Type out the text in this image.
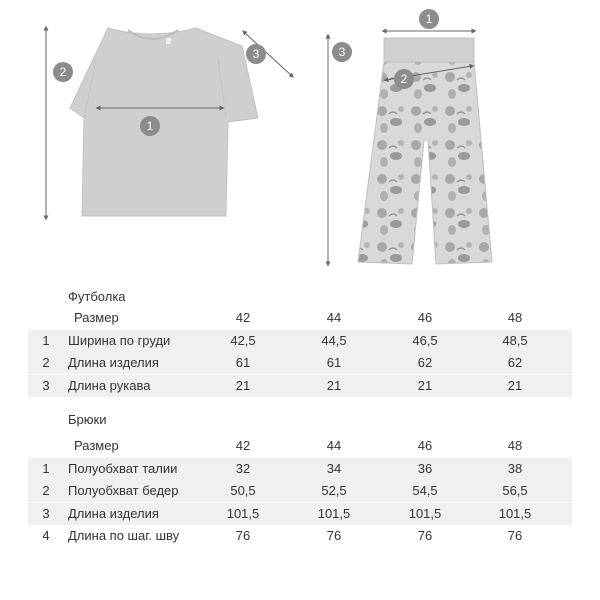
1
2
3
1
2
3
Футболка
Размер	42	44	46	48
1	Ширина по груди	42,5	44,5	46,5	48,5
2	Длина изделия	61	61	62	62
3	Длина рукава	21	21	21	21
Брюки
Размер	42	44	46	48
1	Полуобхват талии	32	34	36	38
2	Полуобхват бедер	50,5	52,5	54,5	56,5
3	Длина изделия	101,5	101,5	101,5	101,5
4	Длина по шаг. шву	76	76	76	76
